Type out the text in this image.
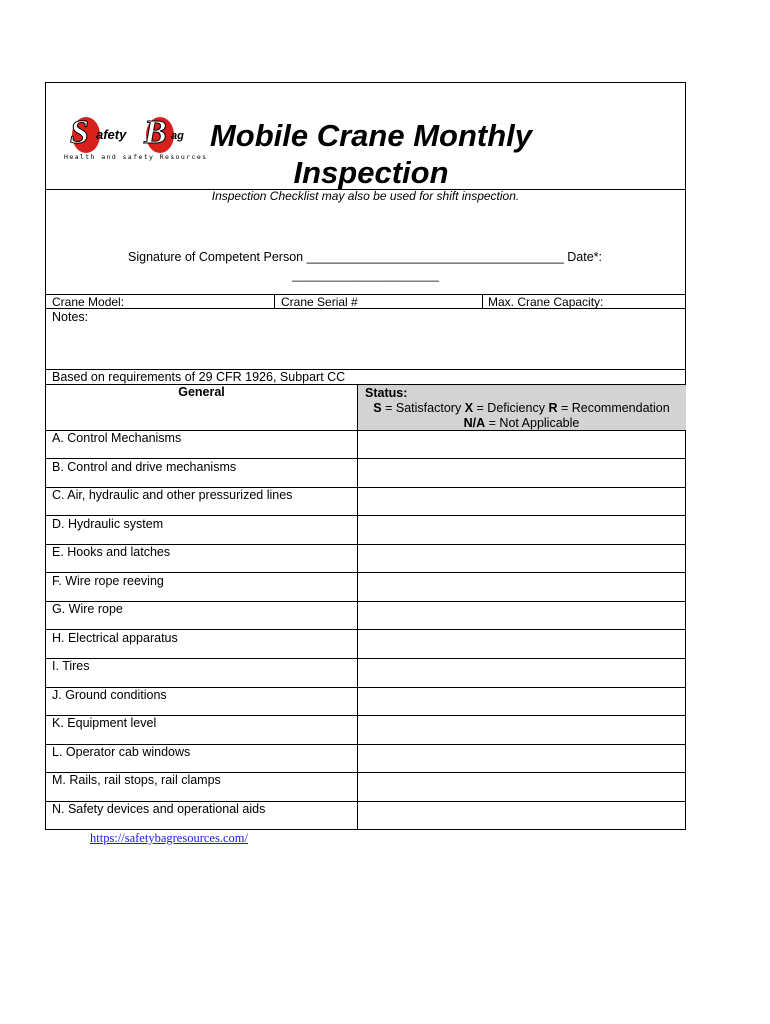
S B
afety	ag
Health and safety Resources
Mobile Crane Monthly Inspection
Inspection Checklist may also be used for shift inspection.
Signature of Competent Person _____________________________________ Date*:
______________________
Crane Model:	Crane Serial #	Max. Crane Capacity:
Notes:
Based on requirements of 29 CFR 1926, Subpart CC
General	Status:
S = Satisfactory X = Deficiency R = Recommendation
N/A = Not Applicable
A. Control Mechanisms
B. Control and drive mechanisms
C. Air, hydraulic and other pressurized lines
D. Hydraulic system
E. Hooks and latches
F. Wire rope reeving
G. Wire rope
H. Electrical apparatus
I. Tires
J. Ground conditions
K. Equipment level
L. Operator cab windows
M. Rails, rail stops, rail clamps
N. Safety devices and operational aids
https://safetybagresources.com/
